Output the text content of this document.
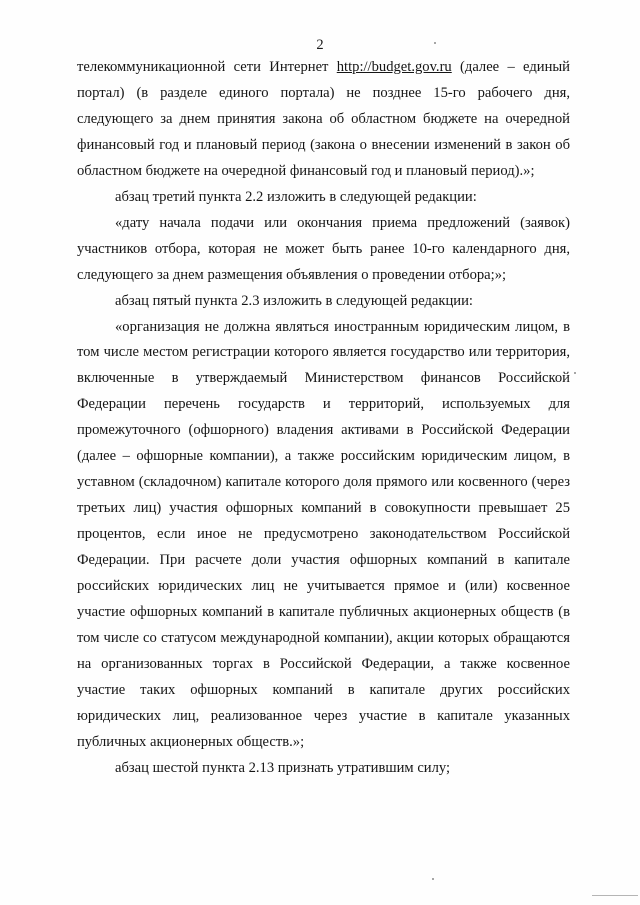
2

телекоммуникационной сети Интернет http://budget.gov.ru (далее – единый портал) (в разделе единого портала) не позднее 15-го рабочего дня, следующего за днем принятия закона об областном бюджете на очередной финансовый год и плановый период (закона о внесении изменений в закон об областном бюджете на очередной финансовый год и плановый период).»;

абзац третий пункта 2.2 изложить в следующей редакции:

«дату начала подачи или окончания приема предложений (заявок) участников отбора, которая не может быть ранее 10-го календарного дня, следующего за днем размещения объявления о проведении отбора;»;

абзац пятый пункта 2.3 изложить в следующей редакции:

«организация не должна являться иностранным юридическим лицом, в том числе местом регистрации которого является государство или территория, включенные в утверждаемый Министерством финансов Российской Федерации перечень государств и территорий, используемых для промежуточного (офшорного) владения активами в Российской Федерации (далее – офшорные компании), а также российским юридическим лицом, в уставном (складочном) капитале которого доля прямого или косвенного (через третьих лиц) участия офшорных компаний в совокупности превышает 25 процентов, если иное не предусмотрено законодательством Российской Федерации. При расчете доли участия офшорных компаний в капитале российских юридических лиц не учитывается прямое и (или) косвенное участие офшорных компаний в капитале публичных акционерных обществ (в том числе со статусом международной компании), акции которых обращаются на организованных торгах в Российской Федерации, а также косвенное участие таких офшорных компаний в капитале других российских юридических лиц, реализованное через участие в капитале указанных публичных акционерных обществ.»;

абзац шестой пункта 2.13 признать утратившим силу;
